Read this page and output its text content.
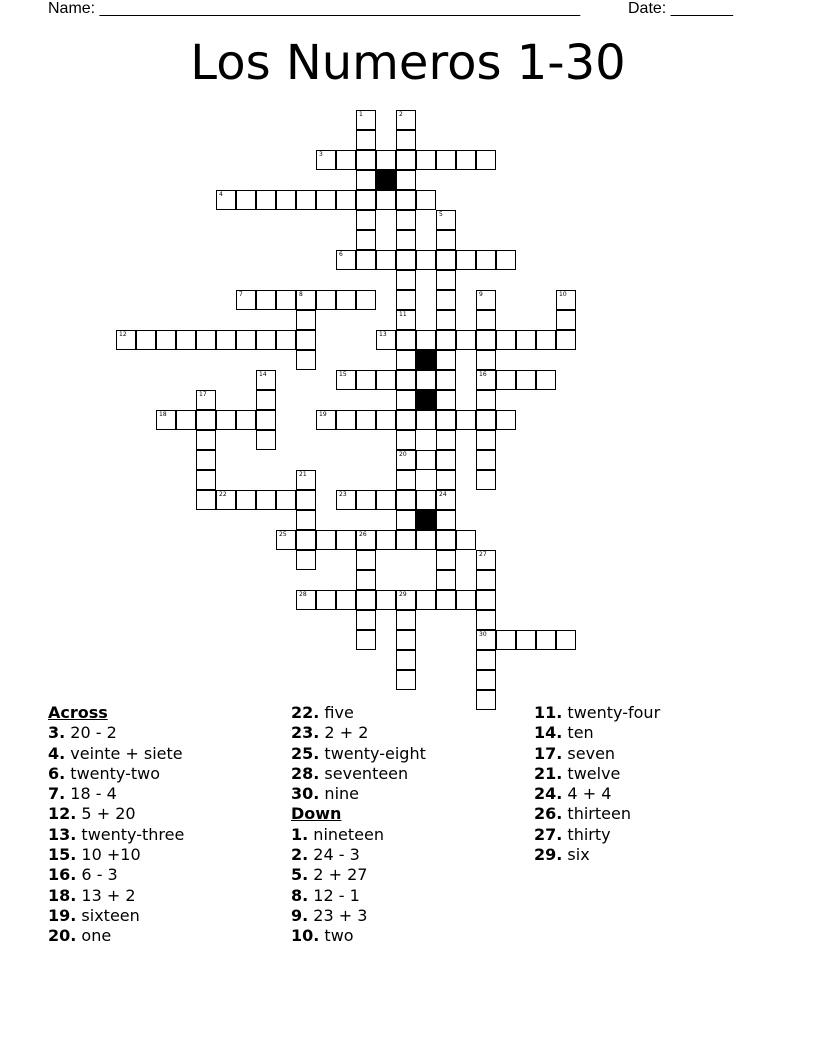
Name: ______________________________________________________	Date: _______
Los Numeros 1-30
1	2
3
4
5
24
6
7	8
12	13
9
16
10
11
20
15
14
17
18	19
21
22	23
25	26
27
30
28	29
Across
3. 20 - 2
4. veinte + siete
6. twenty-two
7. 18 - 4
12. 5 + 20
13. twenty-three
15. 10 +10
16. 6 - 3
18. 13 + 2
19. sixteen
20. one
22. five
23. 2 + 2
25. twenty-eight
28. seventeen
30. nine
Down
1. nineteen
2. 24 - 3
5. 2 + 27
8. 12 - 1
9. 23 + 3
10. two
11. twenty-four
14. ten
17. seven
21. twelve
24. 4 + 4
26. thirteen
27. thirty
29. six
